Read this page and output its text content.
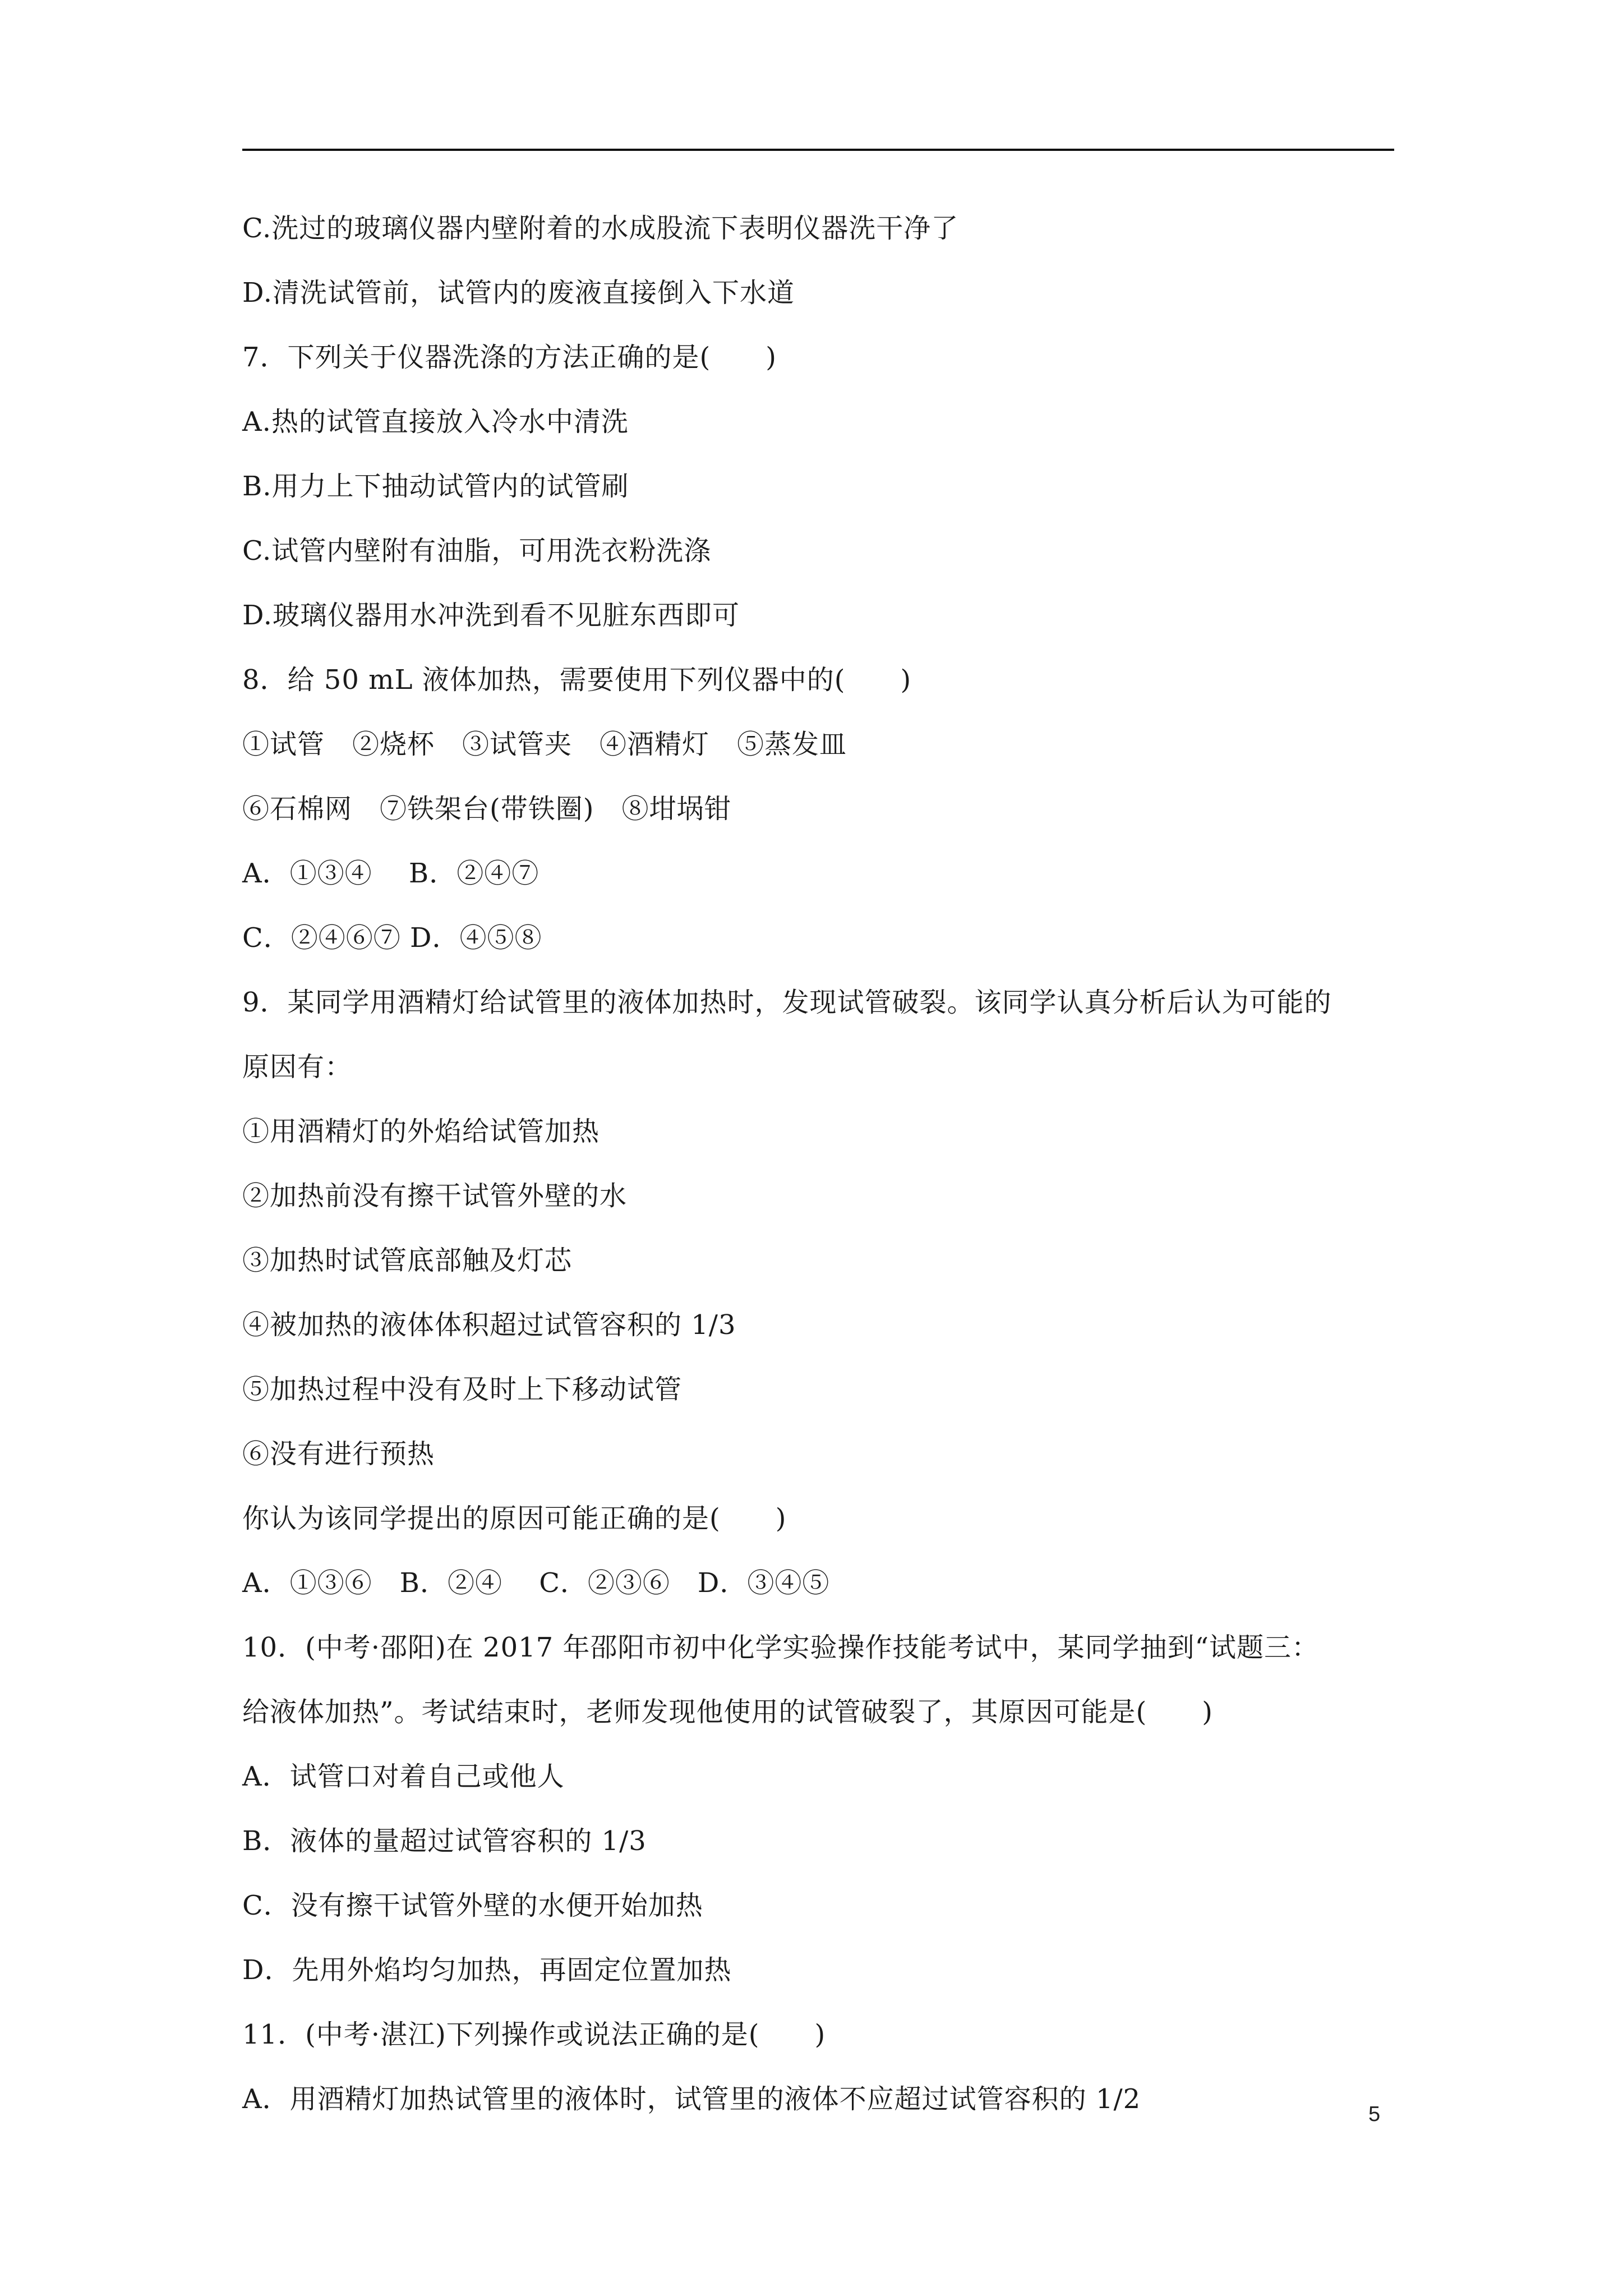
C.洗过的玻璃仪器内壁附着的水成股流下表明仪器洗干净了
D.清洗试管前，试管内的废液直接倒入下水道
7．下列关于仪器洗涤的方法正确的是(　　)
A.热的试管直接放入冷水中清洗
B.用力上下抽动试管内的试管刷
C.试管内壁附有油脂，可用洗衣粉洗涤
D.玻璃仪器用水冲洗到看不见脏东西即可
8．给 50 mL 液体加热，需要使用下列仪器中的(　　)
①试管　②烧杯　③试管夹　④酒精灯　⑤蒸发皿
⑥石棉网　⑦铁架台(带铁圈)　⑧坩埚钳
A．①③④　 B．②④⑦
C．②④⑥⑦ D．④⑤⑧
9．某同学用酒精灯给试管里的液体加热时，发现试管破裂。该同学认真分析后认为可能的
原因有：
①用酒精灯的外焰给试管加热
②加热前没有擦干试管外壁的水
③加热时试管底部触及灯芯
④被加热的液体体积超过试管容积的 1/3
⑤加热过程中没有及时上下移动试管
⑥没有进行预热
你认为该同学提出的原因可能正确的是(　　)
A．①③⑥　B．②④　 C．②③⑥　D．③④⑤
10．(中考·邵阳)在 2017 年邵阳市初中化学实验操作技能考试中，某同学抽到“试题三：
给液体加热”。考试结束时，老师发现他使用的试管破裂了，其原因可能是(　　)
A．试管口对着自己或他人
B．液体的量超过试管容积的 1/3
C．没有擦干试管外壁的水便开始加热
D．先用外焰均匀加热，再固定位置加热
11．(中考·湛江)下列操作或说法正确的是(　　)
A．用酒精灯加热试管里的液体时，试管里的液体不应超过试管容积的 1/2	5
